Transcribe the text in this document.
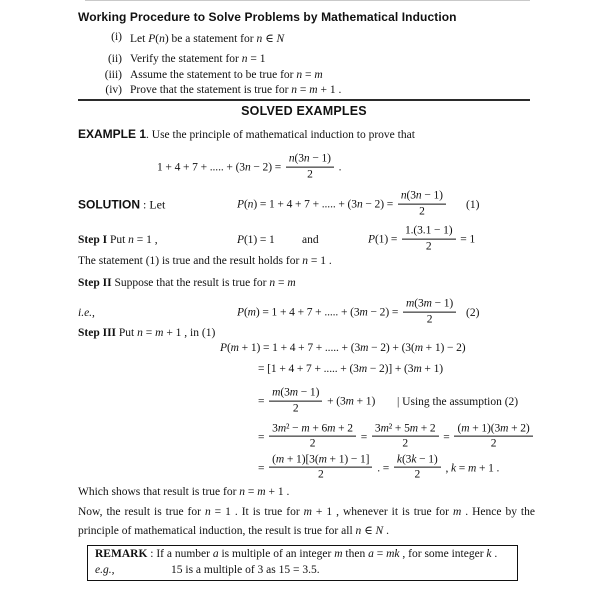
Working Procedure to Solve Problems by Mathematical Induction
(i) Let P(n) be a statement for n ∈ N
(ii) Verify the statement for n = 1
(iii) Assume the statement to be true for n = m
(iv) Prove that the statement is true for n = m + 1 .
SOLVED EXAMPLES
EXAMPLE 1. Use the principle of mathematical induction to prove that
1 + 4 + 7 + ..... + $(3n - 2) = \frac{n(3n - 1)}{2}$ .
SOLUTION : Let	P(n) = 1 + 4 + 7 + ..... + $(3n - 2) = \frac{n(3n - 1)}{2} (1)$
Step I Put n = 1 ,	P(1) = 1 and	$P(1) = \frac{1.(3.1 - 1)}{2} = 1$
The statement (1) is true and the result holds for n = 1 .
Step II Suppose that the result is true for n = m
i.e.,	P(m) = 1 + 4 + 7 + ..... + $(3m - 2) = \frac{m(3m - 1)}{2} (2)$
Step III Put n = m + 1 , in (1)
P(m + 1) = 1 + 4 + 7 + ..... + (3m − 2) + (3(m + 1) − 2)
= [1 + 4 + 7 + ..... + (3m − 2)] + (3m + 1)
= $\frac{m(3m - 1)}{2} + (3m + 1)$ | Using the assumption (2)
= $\frac{\text{3m² − m + 6m + 2}}{2} = \frac{\text{3m² + 5m + 2}}{2} = \frac{(m + 1)(3m + 2)}{2}$
= $\frac{(m + 1)[3(m + 1) - 1]}{2}$ . = $\frac{k(3k - 1)}{2}$ , k = m + 1 .
Which shows that result is true for n = m + 1 .
Now, the result is true for n = 1 . It is true for m + 1 , whenever it is true for m . Hence by the principle of mathematical induction, the result is true for all n ∈ N .
REMARK : If a number a is multiple of an integer m then a = mk , for some integer k .
e.g.,	15 is a multiple of 3 as 15 = 3.5.
